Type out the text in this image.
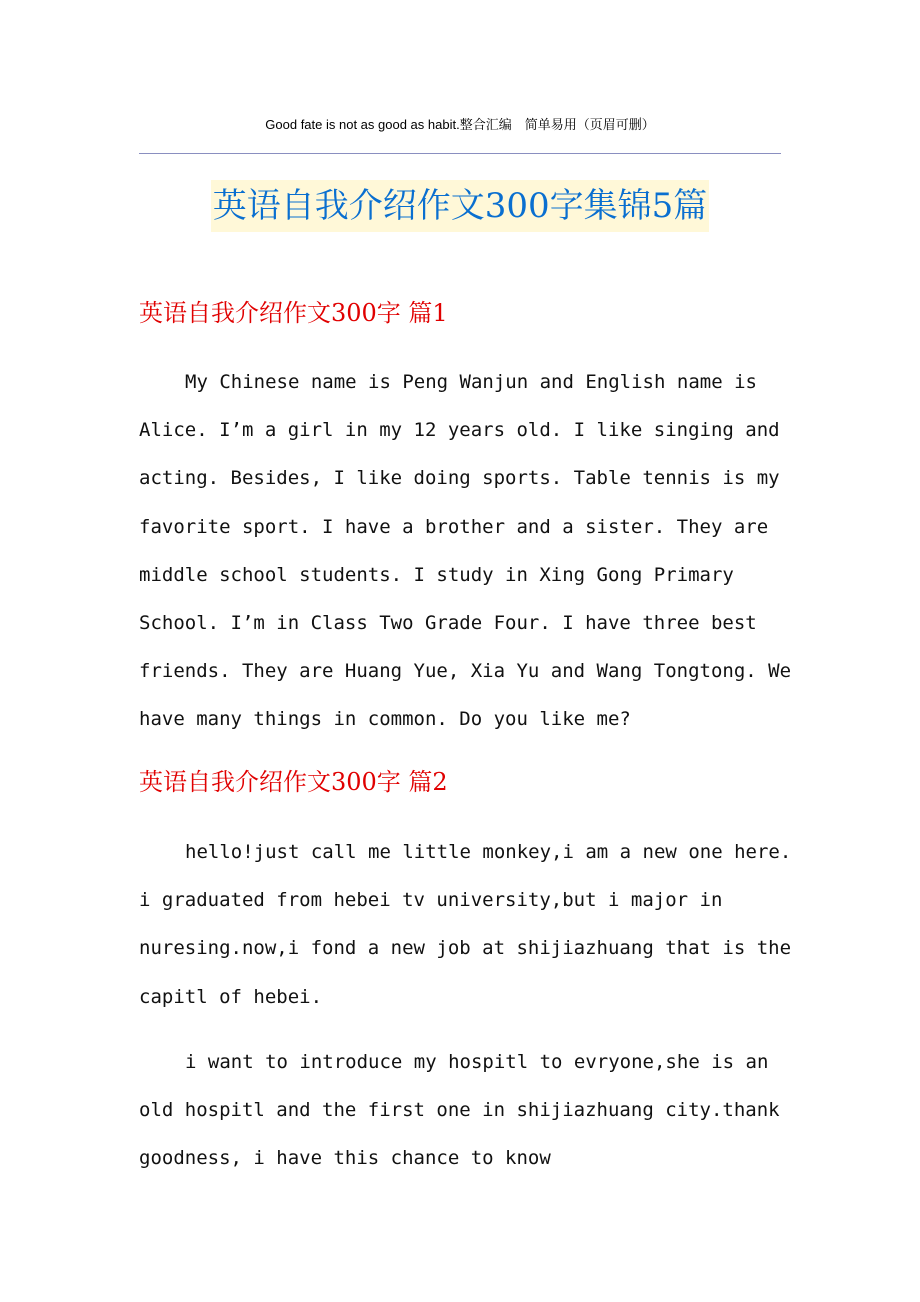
Good fate is not as good as habit.整合汇编　简单易用（页眉可删）
英语自我介绍作文300字集锦5篇
英语自我介绍作文300字 篇1

My Chinese name is Peng Wanjun and English name is Alice. I’m a girl in my 12 years old. I like singing and acting. Besides, I like doing sports. Table tennis is my favorite sport. I have a brother and a sister. They are middle school students. I study in Xing Gong Primary School. I’m in Class Two Grade Four. I have three best friends. They are Huang Yue, Xia Yu and Wang Tongtong. We have many things in common. Do you like me?

英语自我介绍作文300字 篇2

hello!just call me little monkey,i am a new one here. i graduated from hebei tv university,but i major in nuresing.now,i fond a new job at shijiazhuang that is the capitl of hebei.

i want to introduce my hospitl to evryone,she is an old hospitl and the first one in shijiazhuang city.thank goodness, i have this chance to know
